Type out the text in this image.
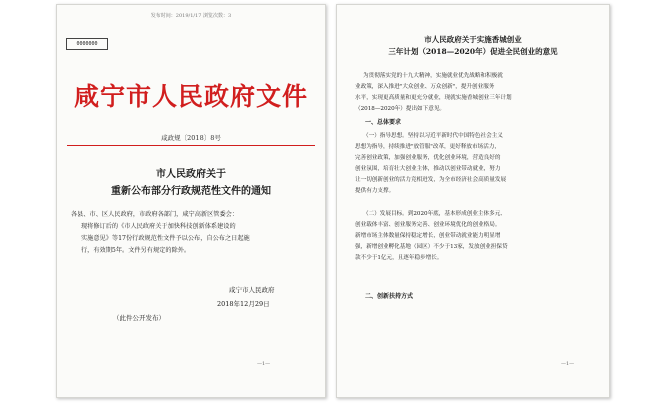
发布时间：2019/1/17 浏览次数：3
0000000
咸宁市人民政府文件
咸政规〔2018〕8号
市人民政府关于
重新公布部分行政规范性文件的通知
各县、市、区人民政府，市政府各部门，咸宁高新区管委会：
现将修订后的《市人民政府关于加快科技创新体系建设的
实施意见》等17份行政规范性文件予以公布，自公布之日起施
行，有效期5年。文件另有规定的除外。
咸宁市人民政府
2018年12月29日
（此件公开发布）
—1—
市人民政府关于实施香城创业
三年计划（2018—2020年）促进全民创业的意见
为贯彻落实党的十九大精神，实施就业优先战略和积极就
业政策，深入推进"大众创业、万众创新"，提升创业服务
水平，实现更高质量和更充分就业，现就实施香城创业三年计划
（2018—2020年）提出如下意见。
一、总体要求
（一）指导思想。坚持以习近平新时代中国特色社会主义
思想为指导，持续推进"放管服"改革，更好释放市场活力，
完善创业政策，加强创业服务，优化创业环境，营造良好的
创业氛围，培育壮大创业主体，推动以创业带动就业，努力
让一切创新创业的活力竞相迸发，为全市经济社会高质量发展
提供有力支撑。
（二）发展目标。到2020年底，基本形成创业主体多元、
创业载体丰富、创业服务完善、创业环境优化的创业格局。
新增市场主体数量保持稳定增长，创业带动就业能力明显增
强，新增创业孵化基地（园区）不少于13家，发放创业担保贷
款不少于1亿元，且逐年稳步增长。
二、创新扶持方式
—1—
